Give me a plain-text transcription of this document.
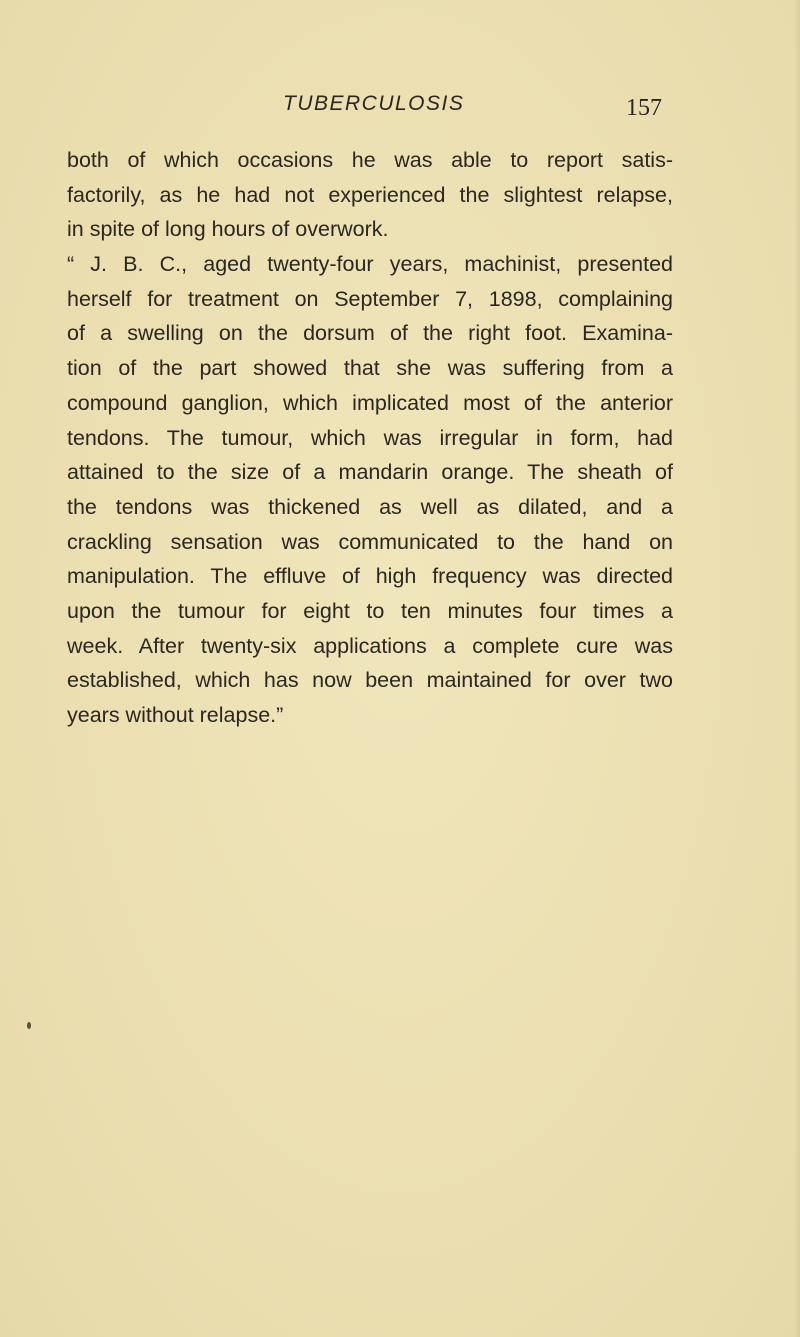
TUBERCULOSIS	157
both of which occasions he was able to report satis-
factorily, as he had not experienced the slightest relapse,
in spite of long hours of overwork.
“ J. B. C., aged twenty-four years, machinist, presented
herself for treatment on September 7, 1898, complaining
of a swelling on the dorsum of the right foot. Examina-
tion of the part showed that she was suffering from a
compound ganglion, which implicated most of the anterior
tendons. The tumour, which was irregular in form, had
attained to the size of a mandarin orange. The sheath of
the tendons was thickened as well as dilated, and a
crackling sensation was communicated to the hand on
manipulation. The effluve of high frequency was directed
upon the tumour for eight to ten minutes four times a
week. After twenty-six applications a complete cure was
established, which has now been maintained for over two
years without relapse.”
